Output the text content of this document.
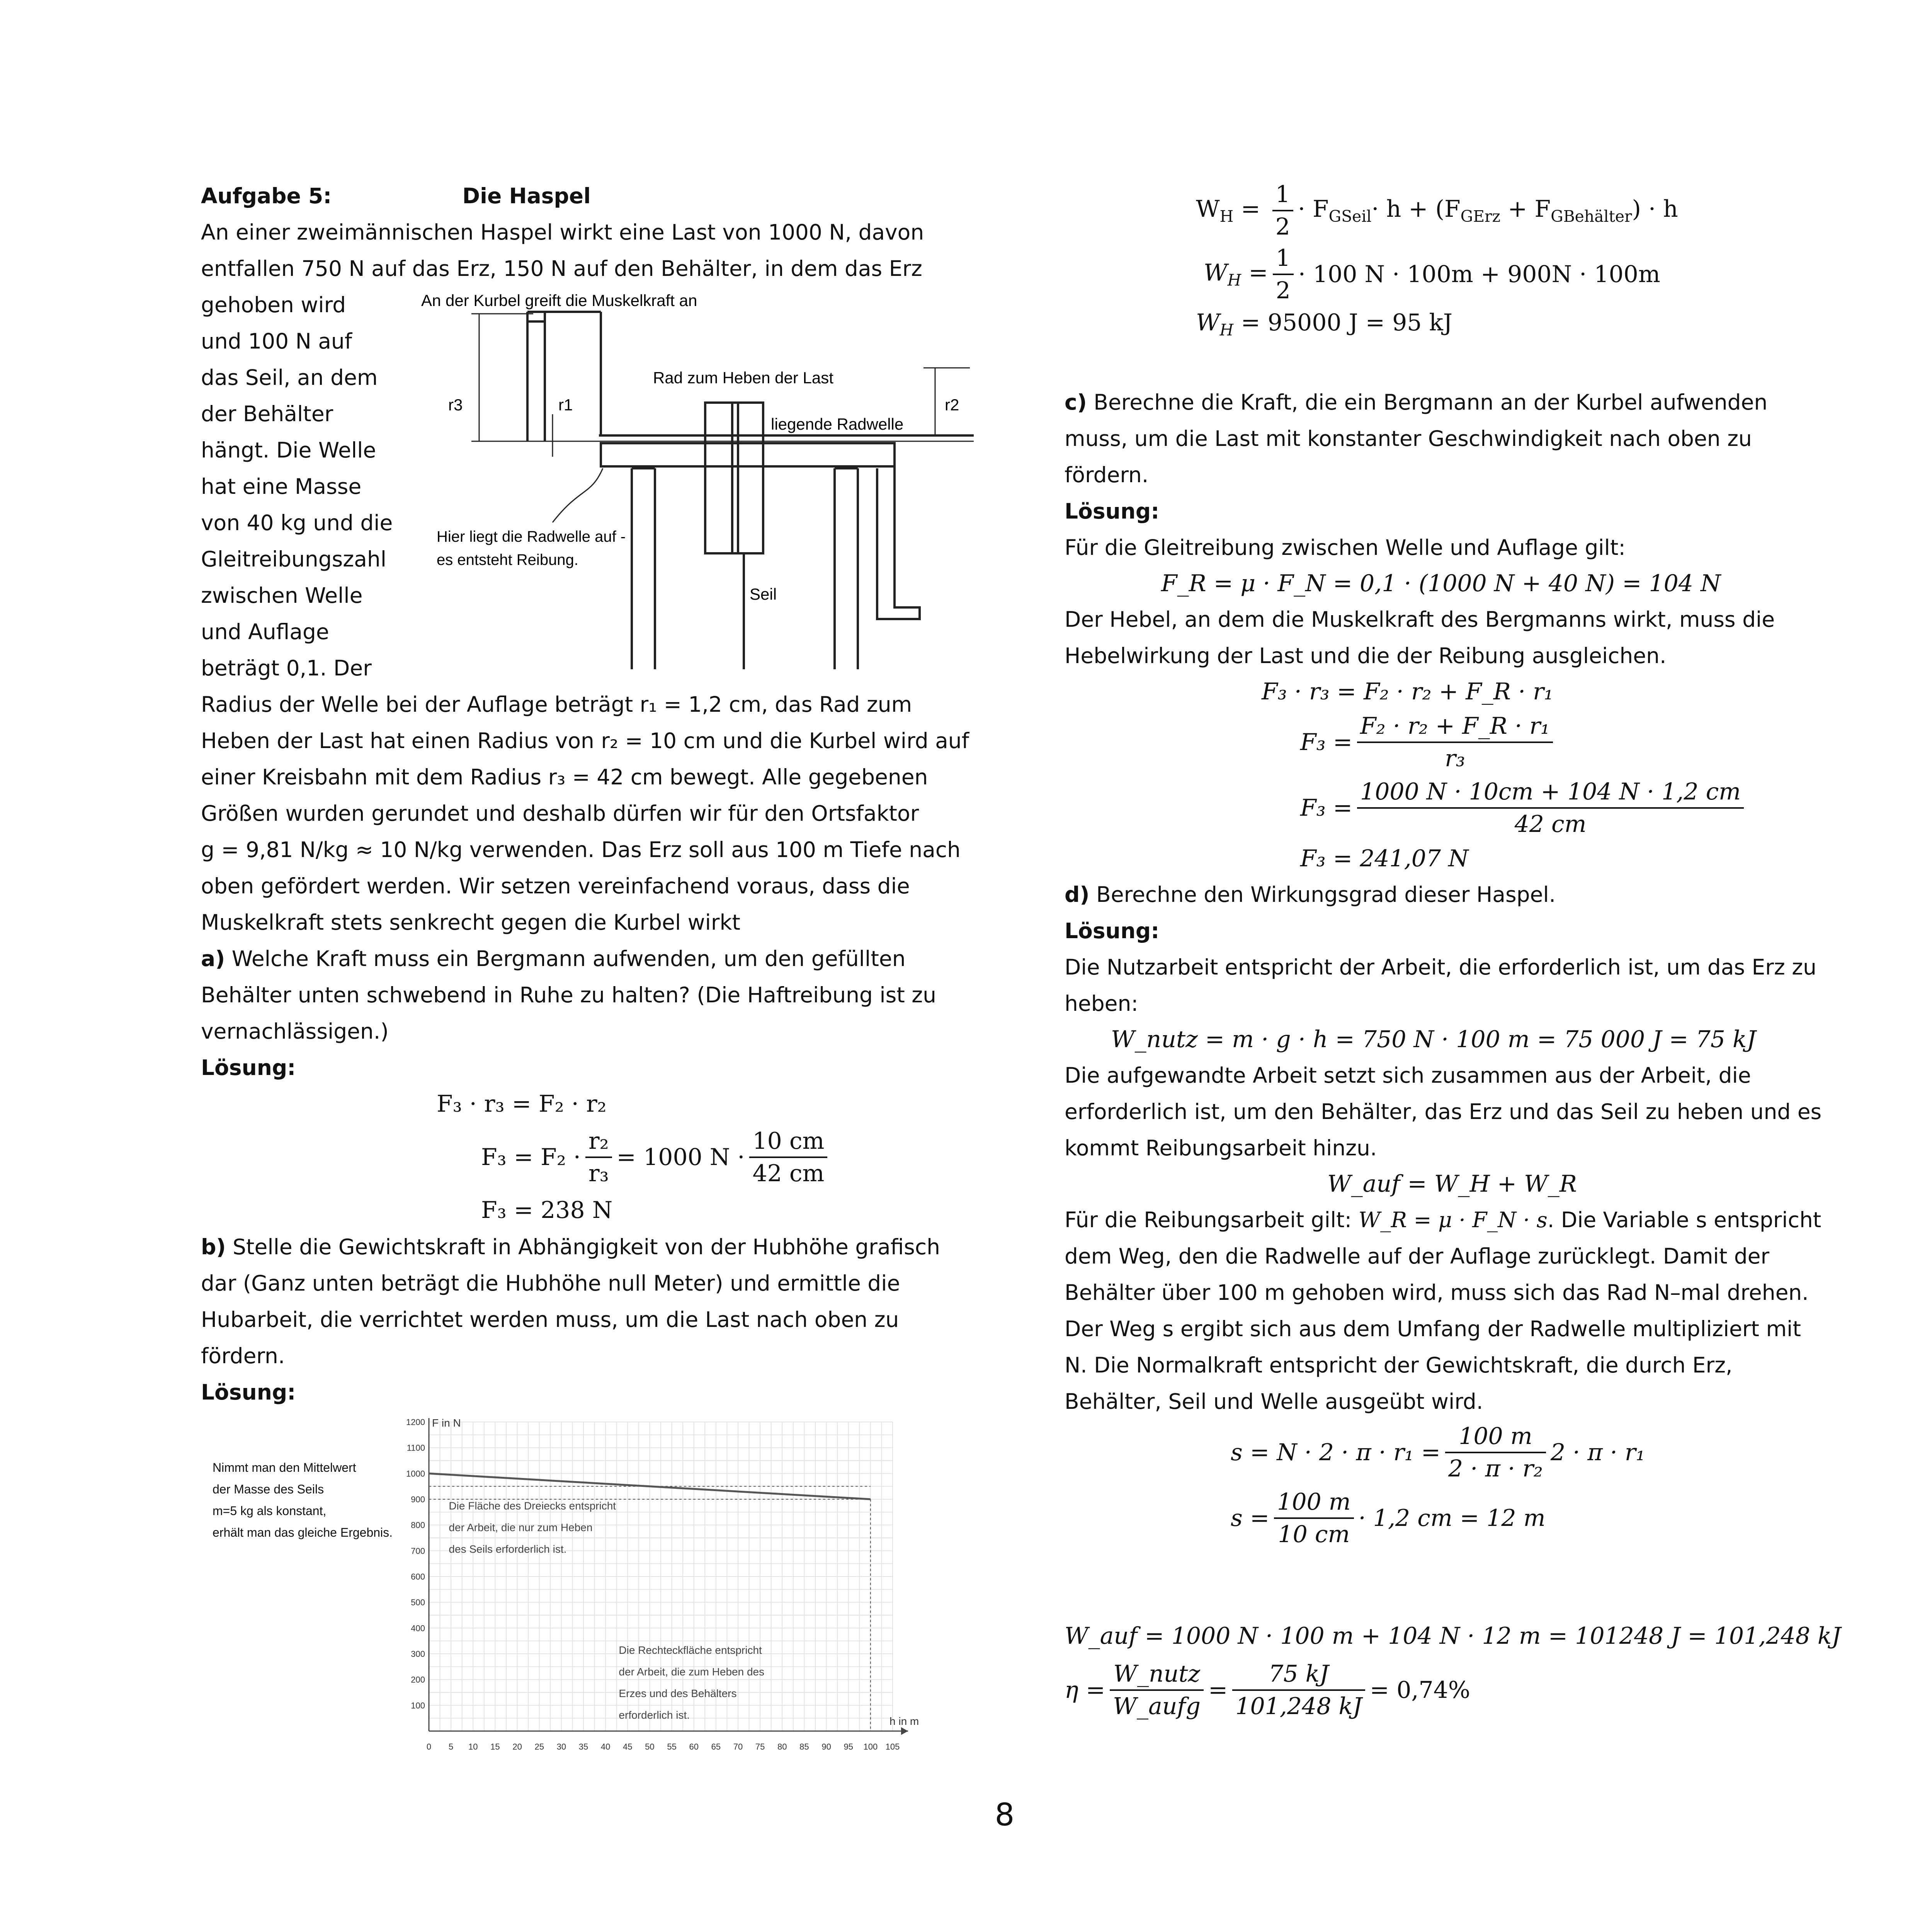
Aufgabe 5:	Die Haspel

An einer zweimännischen Haspel wirkt eine Last von 1000 N, davon

entfallen 750 N auf das Erz, 150 N auf den Behälter, in dem das Erz

gehoben wird

und 100 N auf

das Seil, an dem

der Behälter

hängt. Die Welle

hat eine Masse

von 40 kg und die

Gleitreibungszahl

zwischen Welle

und Auflage

beträgt 0,1. Der

An der Kurbel greift die Muskelkraft an
Rad zum Heben der Last
r3	r1	r2
liegende Radwelle
Hier liegt die Radwelle auf -
es entsteht Reibung.
Seil

Radius der Welle bei der Auflage beträgt r₁ = 1,2 cm, das Rad zum

Heben der Last hat einen Radius von r₂ = 10 cm und die Kurbel wird auf

einer Kreisbahn mit dem Radius r₃ = 42 cm bewegt. Alle gegebenen

Größen wurden gerundet und deshalb dürfen wir für den Ortsfaktor

g = 9,81 N/kg ≈ 10 N/kg verwenden. Das Erz soll aus 100 m Tiefe nach

oben gefördert werden. Wir setzen vereinfachend voraus, dass die

Muskelkraft stets senkrecht gegen die Kurbel wirkt

a) Welche Kraft muss ein Bergmann aufwenden, um den gefüllten

Behälter unten schwebend in Ruhe zu halten? (Die Haftreibung ist zu

vernachlässigen.)

Lösung:

F₃ · r₃ = F₂ · r₂
$F_3 = F_2 \cdot \frac{\text{r₂}}{\text{r₃}} = 1000$ $N \cdot \frac{10 cm}{42 cm}$
F₃ = 238 N

b) Stelle die Gewichtskraft in Abhängigkeit von der Hubhöhe grafisch

dar (Ganz unten beträgt die Hubhöhe null Meter) und ermittle die

Hubarbeit, die verrichtet werden muss, um die Last nach oben zu

fördern.

Lösung:

Nimmt man den Mittelwert
der Masse des Seils
m=5 kg als konstant,
erhält man das gleiche Ergebnis.
0 5 10 15 20 25 30 35 40 45 50 55 60 65 70 75 80 85 90 95 100 105
100
200
300
400
500
600
700
800
900
1000
1100
1200 F in N
h in m
Die Fläche des Dreiecks entspricht
der Arbeit, die nur zum Heben
des Seils erforderlich ist.
Die Rechteckfläche entspricht
der Arbeit, die zum Heben des
Erzes und des Behälters
erforderlich ist.
$W_H = \frac{1}{2} \cdot F_{GSeil}\cdot h + (F_{GErz} + F_{GBehälter}) \cdot h$
$W_H = \frac{1}{2} \cdot 100$ N · 100m + 900N · 100m
$W_H = 95000$ J = 95 kJ

c) Berechne die Kraft, die ein Bergmann an der Kurbel aufwenden

muss, um die Last mit konstanter Geschwindigkeit nach oben zu

fördern.

Lösung:

Für die Gleitreibung zwischen Welle und Auflage gilt:

F_R = μ · F_N = 0,1 · (1000 N + 40 N) = 104 N

Der Hebel, an dem die Muskelkraft des Bergmanns wirkt, muss die

Hebelwirkung der Last und die der Reibung ausgleichen.

F₃ · r₃ = F₂ · r₂ + F_R · r₁
$F_3 = \frac{\text{F₂ · r₂ + F\_R · r₁}}{\text{r₃}}$
$F_3 = \frac{1000 N \cdot 10cm + 104 N \cdot 1,2 cm}{42 cm}$
F₃ = 241,07 N

d) Berechne den Wirkungsgrad dieser Haspel.

Lösung:

Die Nutzarbeit entspricht der Arbeit, die erforderlich ist, um das Erz zu

heben:

W_nutz = m · g · h = 750 N · 100 m = 75 000 J = 75 kJ

Die aufgewandte Arbeit setzt sich zusammen aus der Arbeit, die

erforderlich ist, um den Behälter, das Erz und das Seil zu heben und es

kommt Reibungsarbeit hinzu.

W_auf = W_H + W_R

Für die Reibungsarbeit gilt: W_R = μ · F_N · s. Die Variable s entspricht

dem Weg, den die Radwelle auf der Auflage zurücklegt. Damit der

Behälter über 100 m gehoben wird, muss sich das Rad N–mal drehen.

Der Weg s ergibt sich aus dem Umfang der Radwelle multipliziert mit

N. Die Normalkraft entspricht der Gewichtskraft, die durch Erz,

Behälter, Seil und Welle ausgeübt wird.

$s = N \cdot 2 \cdot \pi \cdot r_1 = \frac{100 m}{\text{2 · π · r₂}} 2 \cdot \pi \cdot r_1$
$s = \frac{100 m}{10 cm} \cdot 1,2$ cm = 12 m
W_auf = 1000 N · 100 m + 104 N · 12 m = 101248 J = 101,248 kJ
$\eta = \frac{\text{W\_nutz}}{\text{W\_aufg}} = \frac{75 kJ}{101,248 kJ} = 0,74\%$
8
